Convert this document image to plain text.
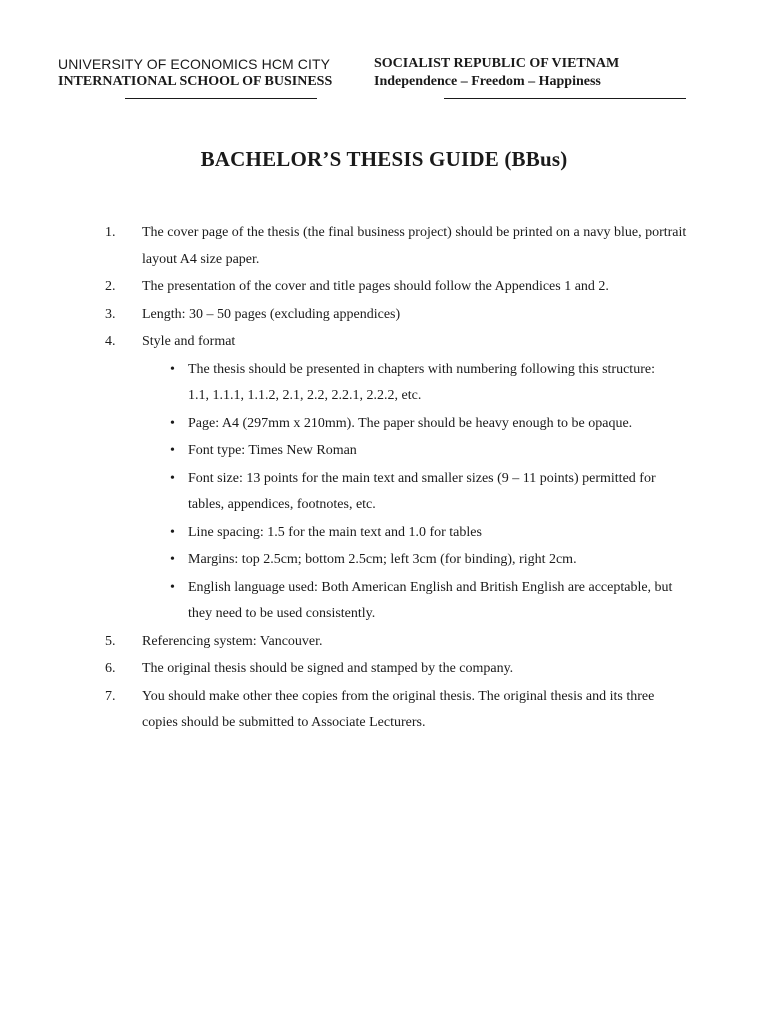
UNIVERSITY OF ECONOMICS HCM CITY
INTERNATIONAL SCHOOL OF BUSINESS
SOCIALIST REPUBLIC OF VIETNAM
Independence – Freedom – Happiness
BACHELOR’S THESIS GUIDE (BBus)
1. The cover page of the thesis (the final business project) should be printed on a navy blue, portrait layout A4 size paper.
2. The presentation of the cover and title pages should follow the Appendices 1 and 2.
3. Length: 30 – 50 pages (excluding appendices)
4. Style and format
• The thesis should be presented in chapters with numbering following this structure: 1.1, 1.1.1, 1.1.2, 2.1, 2.2, 2.2.1, 2.2.2, etc.
• Page: A4 (297mm x 210mm). The paper should be heavy enough to be opaque.
• Font type: Times New Roman
• Font size: 13 points for the main text and smaller sizes (9 – 11 points) permitted for tables, appendices, footnotes, etc.
• Line spacing: 1.5 for the main text and 1.0 for tables
• Margins: top 2.5cm; bottom 2.5cm; left 3cm (for binding), right 2cm.
• English language used: Both American English and British English are acceptable, but they need to be used consistently.
5. Referencing system: Vancouver.
6. The original thesis should be signed and stamped by the company.
7. You should make other thee copies from the original thesis. The original thesis and its three copies should be submitted to Associate Lecturers.
